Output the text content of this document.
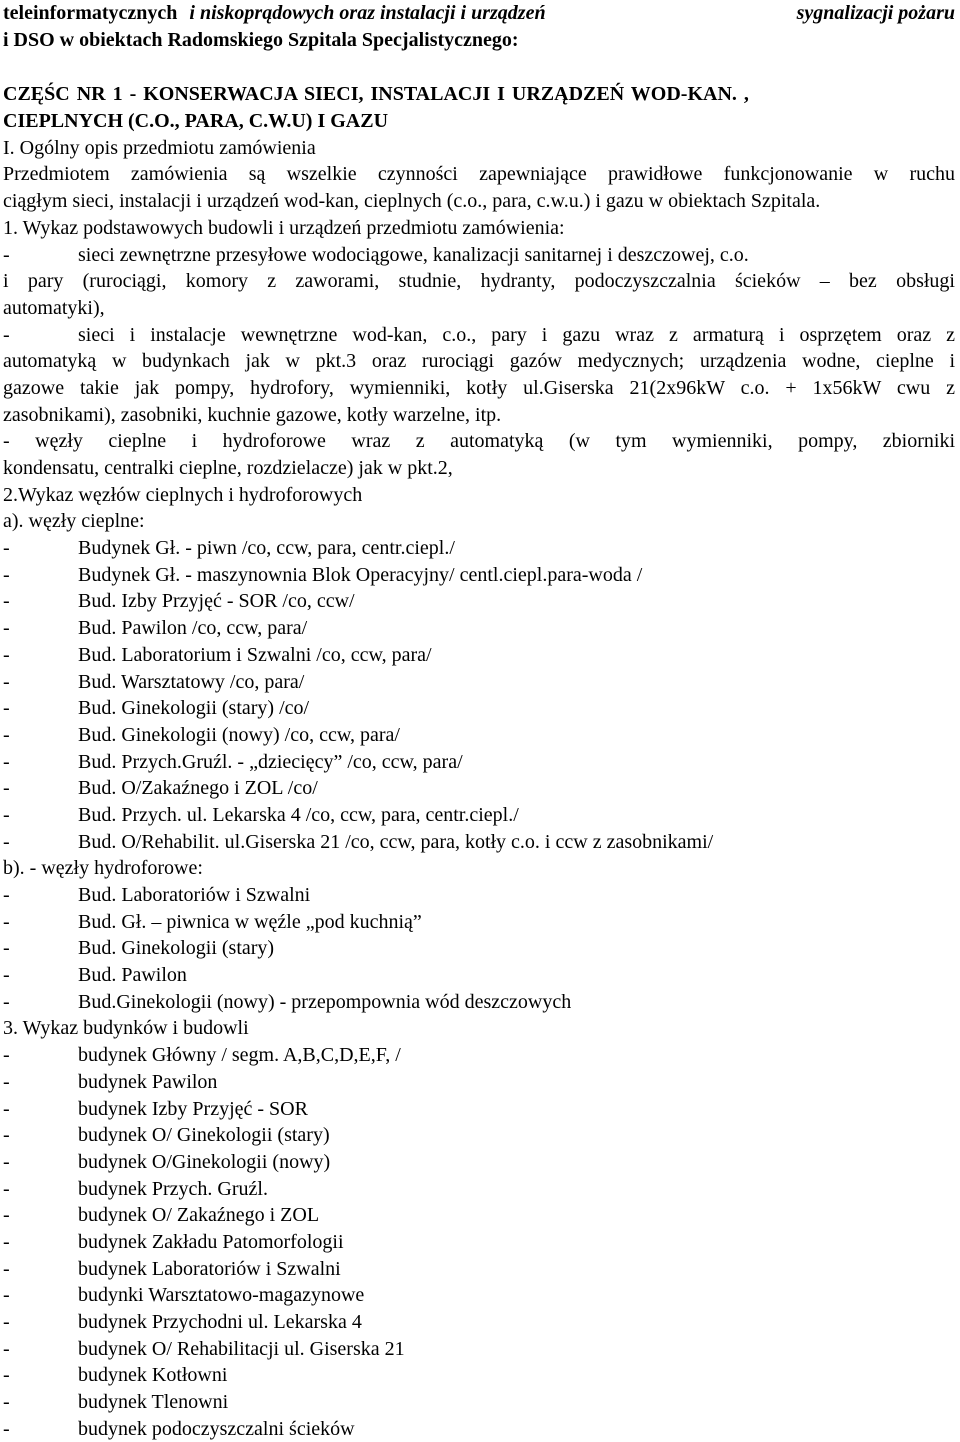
teleinformatycznych i niskoprądowych oraz instalacji i urządzeń	sygnalizacji pożaru
i DSO w obiektach Radomskiego Szpitala Specjalistycznego:
CZĘŚC NR 1 - KONSERWACJA SIECI, INSTALACJI I URZĄDZEŃ WOD-KAN. ,
CIEPLNYCH (C.O., PARA, C.W.U) I GAZU
I. Ogólny opis przedmiotu zamówienia
Przedmiotem zamówienia są wszelkie czynności zapewniające prawidłowe funkcjonowanie w ruchu
ciągłym sieci, instalacji i urządzeń wod-kan, cieplnych (c.o., para, c.w.u.) i gazu w obiektach Szpitala.
1. Wykaz podstawowych budowli i urządzeń przedmiotu zamówienia:
-	sieci zewnętrzne przesyłowe wodociągowe, kanalizacji sanitarnej i deszczowej, c.o.
i pary (rurociągi, komory z zaworami, studnie, hydranty, podoczyszczalnia ścieków – bez obsługi
automatyki),
-	sieci i instalacje wewnętrzne wod-kan, c.o., pary i gazu wraz z armaturą i osprzętem oraz z
automatyką w budynkach jak w pkt.3 oraz rurociągi gazów medycznych; urządzenia wodne, cieplne i
gazowe takie jak pompy, hydrofory, wymienniki, kotły ul.Giserska 21(2x96kW c.o. + 1x56kW cwu z
zasobnikami), zasobniki, kuchnie gazowe, kotły warzelne, itp.
- węzły cieplne i hydroforowe wraz z automatyką (w tym wymienniki, pompy, zbiorniki
kondensatu, centralki cieplne, rozdzielacze) jak w pkt.2,
2.Wykaz węzłów cieplnych i hydroforowych
a). węzły cieplne:
-	Budynek Gł. - piwn /co, ccw, para, centr.ciepl./
-	Budynek Gł. - maszynownia Blok Operacyjny/ centl.ciepl.para-woda /
-	Bud. Izby Przyjęć - SOR /co, ccw/
-	Bud. Pawilon /co, ccw, para/
-	Bud. Laboratorium i Szwalni /co, ccw, para/
-	Bud. Warsztatowy /co, para/
-	Bud. Ginekologii (stary) /co/
-	Bud. Ginekologii (nowy) /co, ccw, para/
-	Bud. Przych.Gruźl. - „dziecięcy” /co, ccw, para/
-	Bud. O/Zakaźnego i ZOL /co/
-	Bud. Przych. ul. Lekarska 4 /co, ccw, para, centr.ciepl./
-	Bud. O/Rehabilit. ul.Giserska 21 /co, ccw, para, kotły c.o. i ccw z zasobnikami/
b). - węzły hydroforowe:
-	Bud. Laboratoriów i Szwalni
-	Bud. Gł. – piwnica w węźle „pod kuchnią”
-	Bud. Ginekologii (stary)
-	Bud. Pawilon
-	Bud.Ginekologii (nowy) - przepompownia wód deszczowych
3. Wykaz budynków i budowli
-	budynek Główny / segm. A,B,C,D,E,F, /
-	budynek Pawilon
-	budynek Izby Przyjęć - SOR
-	budynek O/ Ginekologii (stary)
-	budynek O/Ginekologii (nowy)
-	budynek Przych. Gruźl.
-	budynek O/ Zakaźnego i ZOL
-	budynek Zakładu Patomorfologii
-	budynek Laboratoriów i Szwalni
-	budynki Warsztatowo-magazynowe
-	budynek Przychodni ul. Lekarska 4
-	budynek O/ Rehabilitacji ul. Giserska 21
-	budynek Kotłowni
-	budynek Tlenowni
-	budynek podoczyszczalni ścieków
